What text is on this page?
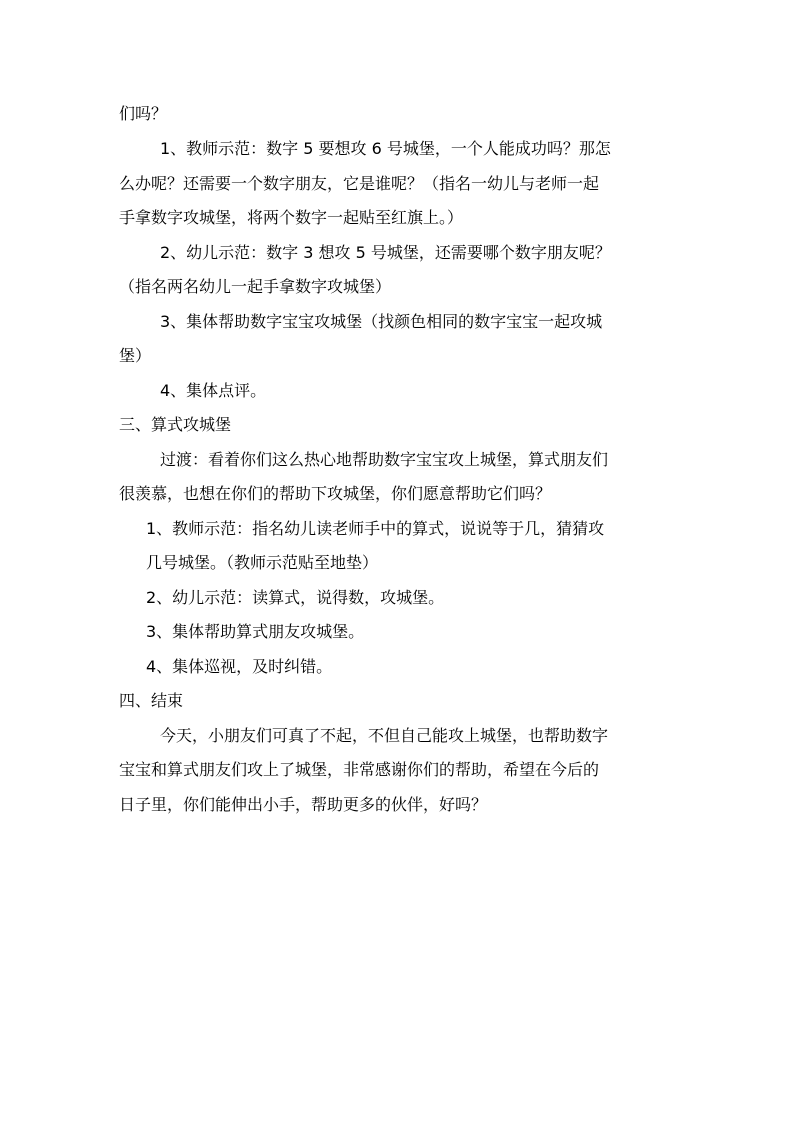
们吗？
1、教师示范：数字 5 要想攻 6 号城堡，一个人能成功吗？那怎
么办呢？还需要一个数字朋友，它是谁呢？（指名一幼儿与老师一起
手拿数字攻城堡，将两个数字一起贴至红旗上。）
2、幼儿示范：数字 3 想攻 5 号城堡，还需要哪个数字朋友呢？
（指名两名幼儿一起手拿数字攻城堡）
3、集体帮助数字宝宝攻城堡（找颜色相同的数字宝宝一起攻城
堡）
4、集体点评。
三、算式攻城堡
过渡：看着你们这么热心地帮助数字宝宝攻上城堡，算式朋友们
很羡慕，也想在你们的帮助下攻城堡，你们愿意帮助它们吗？
1、教师示范：指名幼儿读老师手中的算式，说说等于几，猜猜攻
几号城堡。（教师示范贴至地垫）
2、幼儿示范：读算式，说得数，攻城堡。
3、集体帮助算式朋友攻城堡。
4、集体巡视，及时纠错。
四、结束
今天，小朋友们可真了不起，不但自己能攻上城堡，也帮助数字
宝宝和算式朋友们攻上了城堡，非常感谢你们的帮助，希望在今后的
日子里，你们能伸出小手，帮助更多的伙伴，好吗？
